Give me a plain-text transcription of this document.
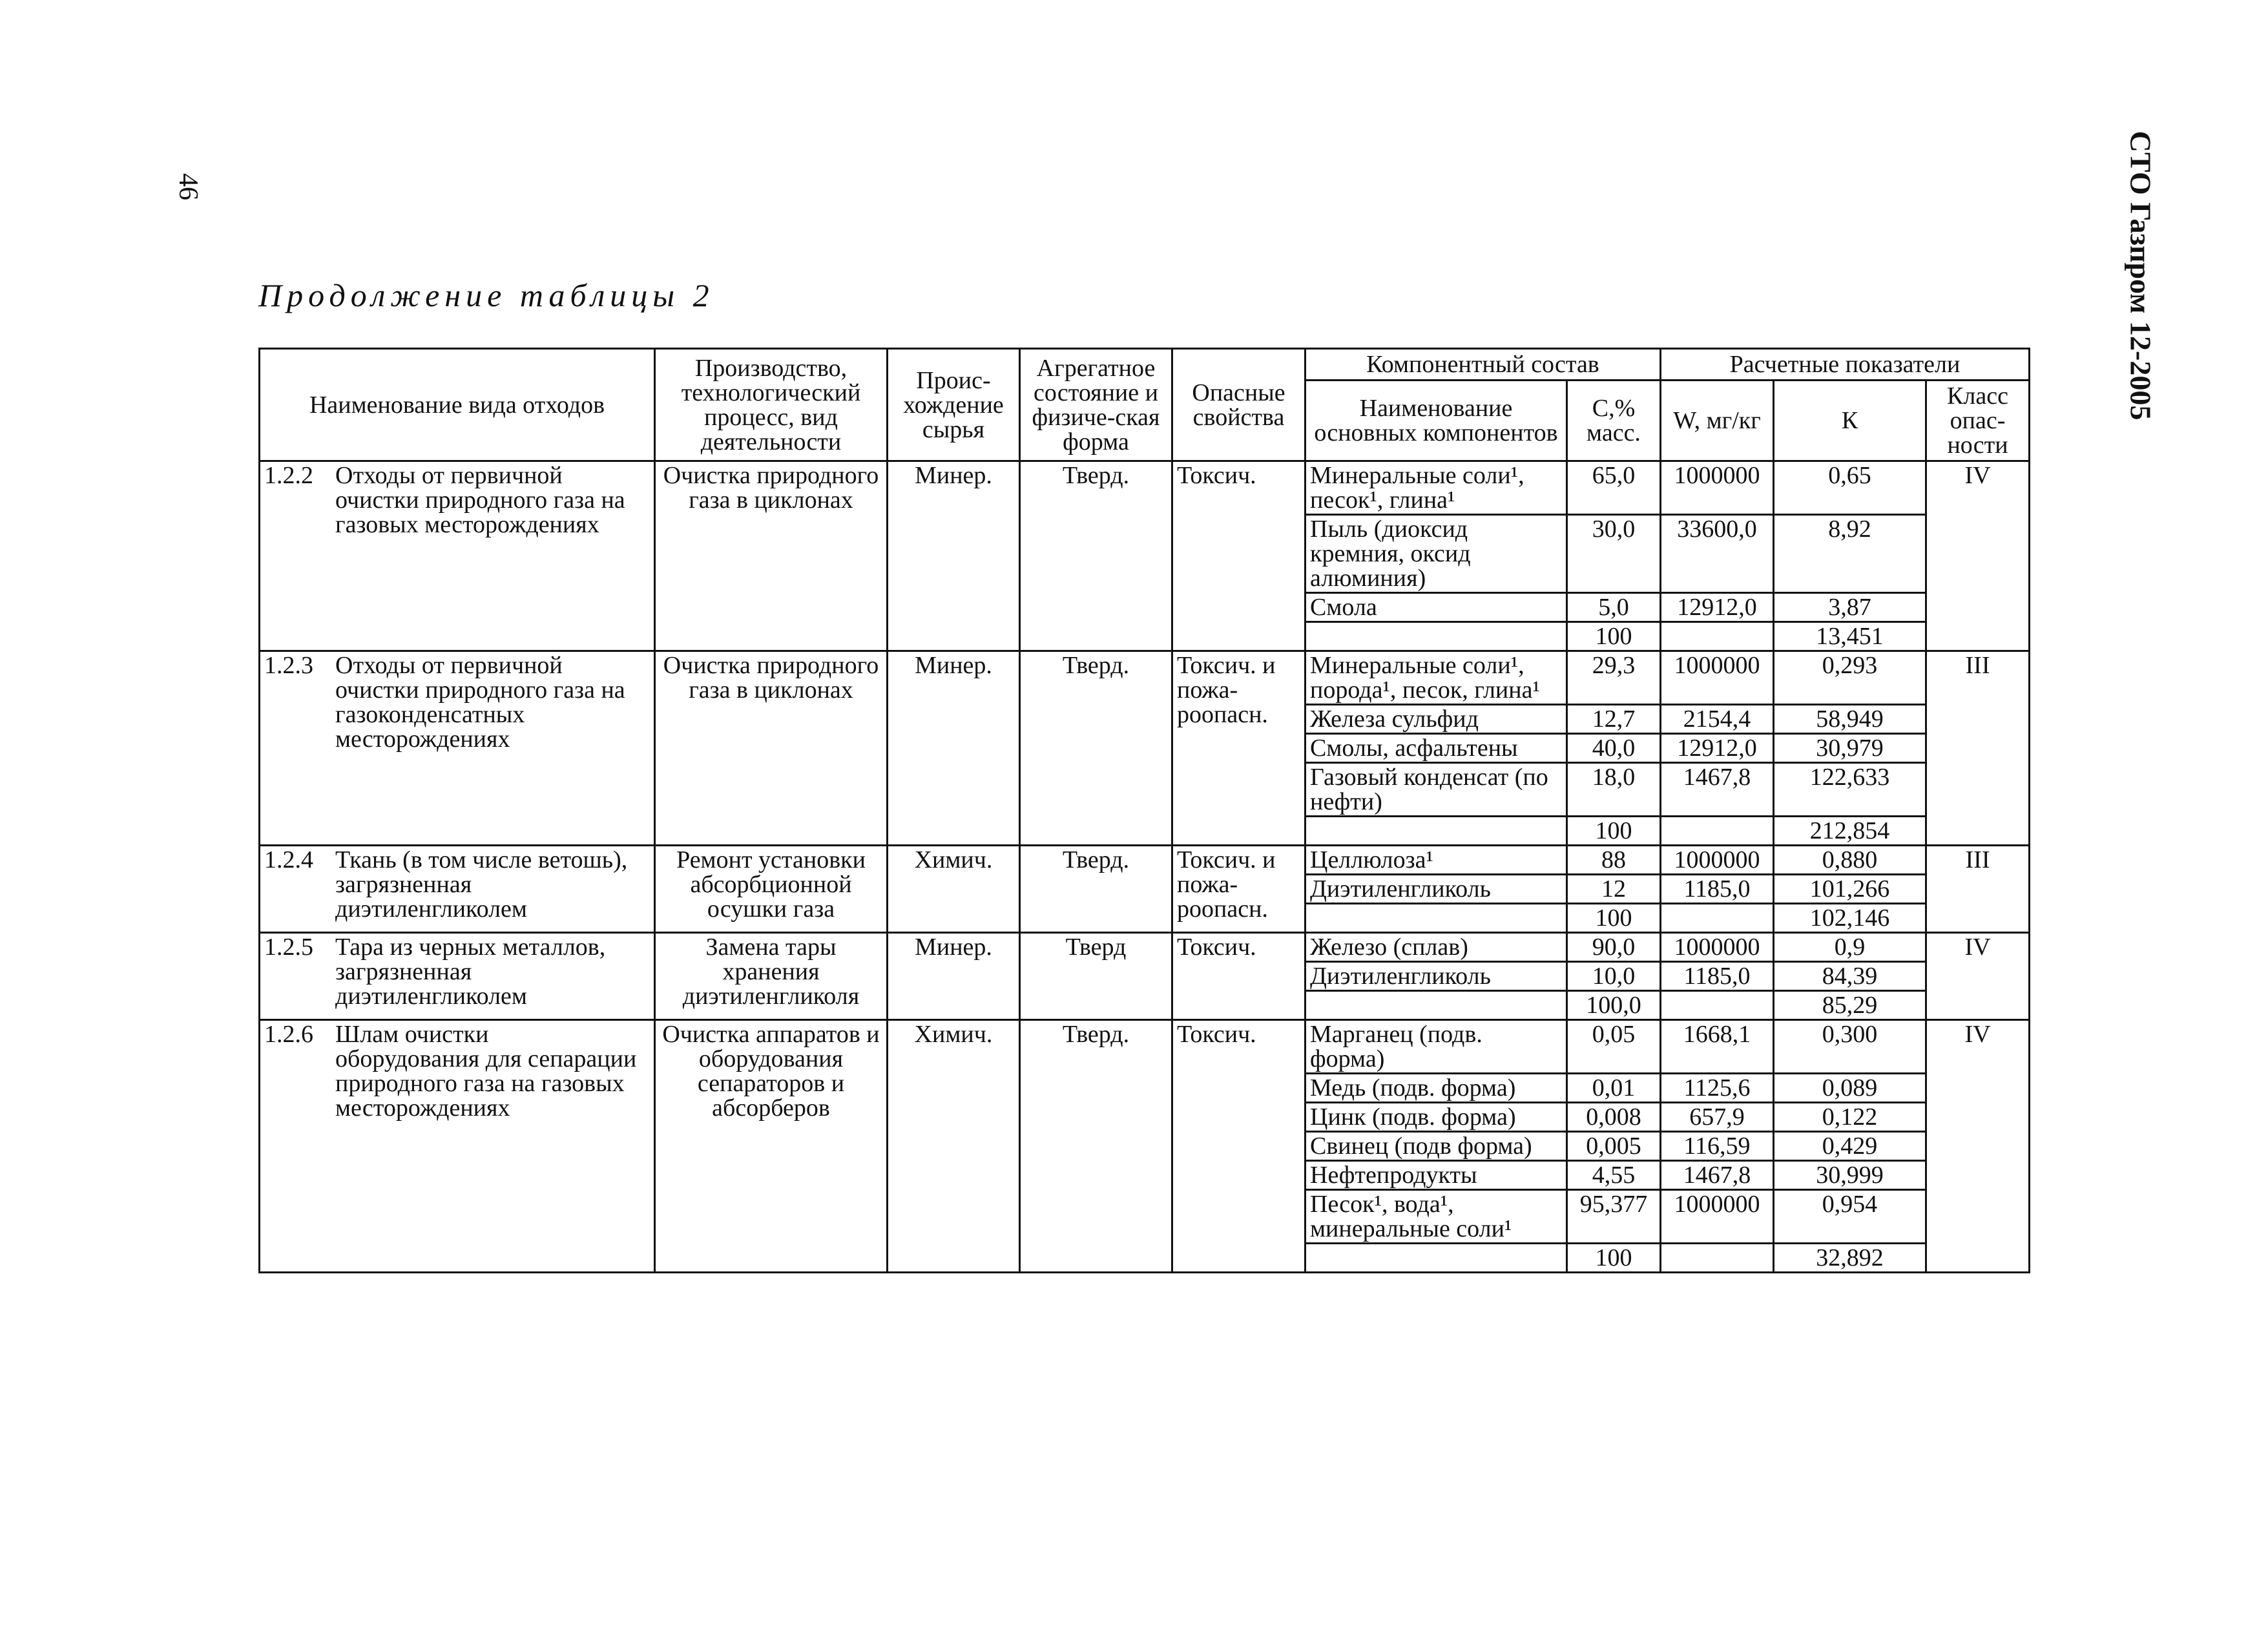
46	СТО Газпром 12-2005
Продолжение таблицы 2
Наименование вида отходов	Производство, технологический процесс, вид деятельности	Проис-хождение сырья	Агрегатное состояние и физиче-ская форма	Опасные свойства	Компонентный состав		Расчетные показатели		
					Наименование основных компонентов	С,% масс.	W, мг/кг	К	Класс опас-ности
1.2.2 Отходы от первичной очистки природного газа на газовых месторождениях	Очистка природного газа в циклонах	Минер.	Тверд.	Токсич.	Минеральные соли¹, песок¹, глина¹	65,0	1000000	0,65	IV
					Пыль (диоксид кремния, оксид алюминия)	30,0	33600,0	8,92	
					Смола	5,0	12912,0	3,87	
						100		13,451	
1.2.3 Отходы от первичной очистки природного газа на газоконденсатных месторождениях	Очистка природного газа в циклонах	Минер.	Тверд.	Токсич. и пожа-роопасн.	Минеральные соли¹, порода¹, песок, глина¹	29,3	1000000	0,293	III
					Железа сульфид	12,7	2154,4	58,949	
					Смолы, асфальтены	40,0	12912,0	30,979	
					Газовый конденсат (по нефти)	18,0	1467,8	122,633	
						100		212,854	
1.2.4 Ткань (в том числе ветошь), загрязненная диэтиленгликолем	Ремонт установки абсорбционной осушки газа	Химич.	Тверд.	Токсич. и пожа-роопасн.	Целлюлоза¹	88	1000000	0,880	III
					Диэтиленгликоль	12	1185,0	101,266	
						100		102,146	
1.2.5 Тара из черных металлов, загрязненная диэтиленгликолем	Замена тары хранения диэтиленгликоля	Минер.	Тверд	Токсич.	Железо (сплав)	90,0	1000000	0,9	IV
					Диэтиленгликоль	10,0	1185,0	84,39	
						100,0		85,29	
1.2.6 Шлам очистки оборудования для сепарации природного газа на газовых месторождениях	Очистка аппаратов и оборудования сепараторов и абсорберов	Химич.	Тверд.	Токсич.	Марганец (подв. форма)	0,05	1668,1	0,300	IV
					Медь (подв. форма)	0,01	1125,6	0,089	
					Цинк (подв. форма)	0,008	657,9	0,122	
					Свинец (подв форма)	0,005	116,59	0,429	
					Нефтепродукты	4,55	1467,8	30,999	
					Песок¹, вода¹, минеральные соли¹	95,377	1000000	0,954	
						100		32,892	
